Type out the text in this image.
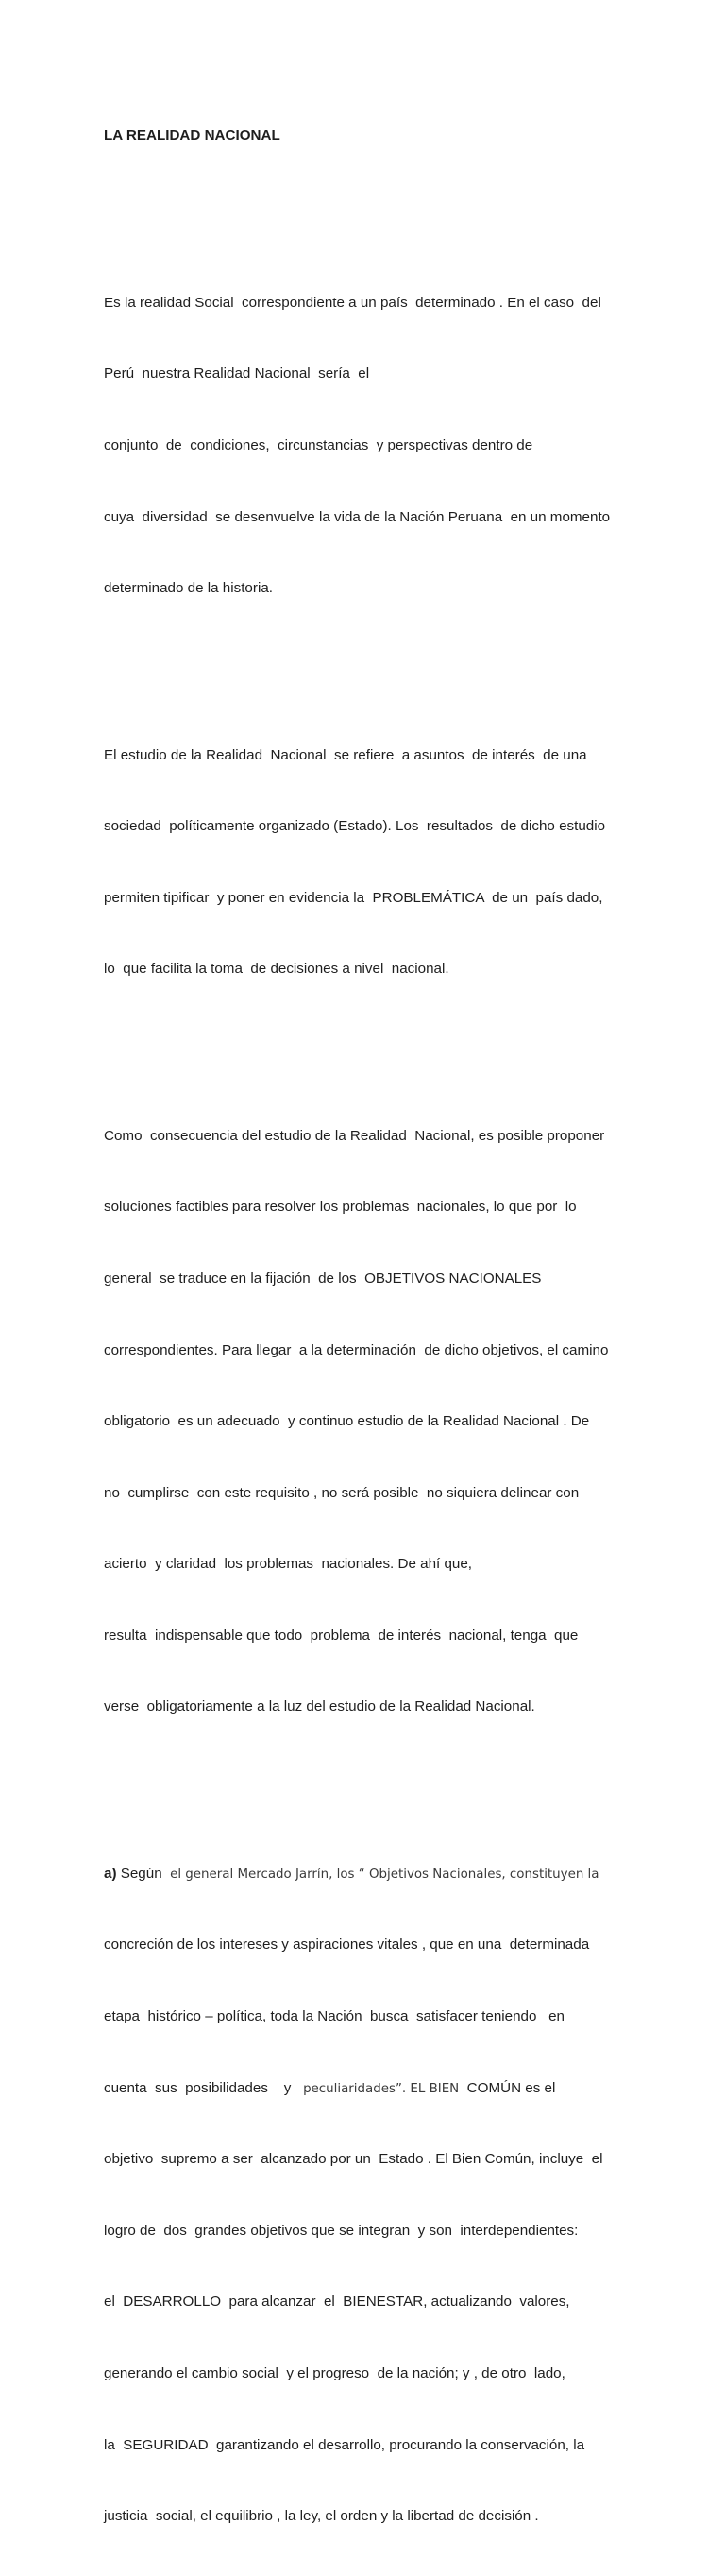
LA REALIDAD NACIONAL

Es la realidad Social  correspondiente a un país  determinado . En el caso  del

Perú  nuestra Realidad Nacional  sería  el

conjunto  de  condiciones,  circunstancias  y perspectivas dentro de

cuya  diversidad  se desenvuelve la vida de la Nación Peruana  en un momento

determinado de la historia.

El estudio de la Realidad  Nacional  se refiere  a asuntos  de interés  de una

sociedad  políticamente organizado (Estado). Los  resultados  de dicho estudio

permiten tipificar  y poner en evidencia la  PROBLEMÁTICA  de un  país dado,

lo  que facilita la toma  de decisiones a nivel  nacional.

Como  consecuencia del estudio de la Realidad  Nacional, es posible proponer

soluciones factibles para resolver los problemas  nacionales, lo que por  lo

general  se traduce en la fijación  de los  OBJETIVOS NACIONALES

correspondientes. Para llegar  a la determinación  de dicho objetivos, el camino

obligatorio  es un adecuado  y continuo estudio de la Realidad Nacional . De

no  cumplirse  con este requisito , no será posible  no siquiera delinear con

acierto  y claridad  los problemas  nacionales. De ahí que,

resulta  indispensable que todo  problema  de interés  nacional, tenga  que

verse  obligatoriamente a la luz del estudio de la Realidad Nacional.

a) Según  el general Mercado Jarrín, los “ Objetivos Nacionales, constituyen la

concreción de los intereses y aspiraciones vitales , que en una  determinada

etapa  histórico – política, toda la Nación  busca  satisfacer teniendo   en

cuenta  sus  posibilidades    y   peculiaridades”. EL BIEN  COMÚN es el

objetivo  supremo a ser  alcanzado por un  Estado . El Bien Común, incluye  el

logro de  dos  grandes objetivos que se integran  y son  interdependientes:

el  DESARROLLO  para alcanzar  el  BIENESTAR, actualizando  valores,

generando el cambio social  y el progreso  de la nación; y , de otro  lado,

la  SEGURIDAD  garantizando el desarrollo, procurando la conservación, la

justicia  social, el equilibrio , la ley, el orden y la libertad de decisión .
